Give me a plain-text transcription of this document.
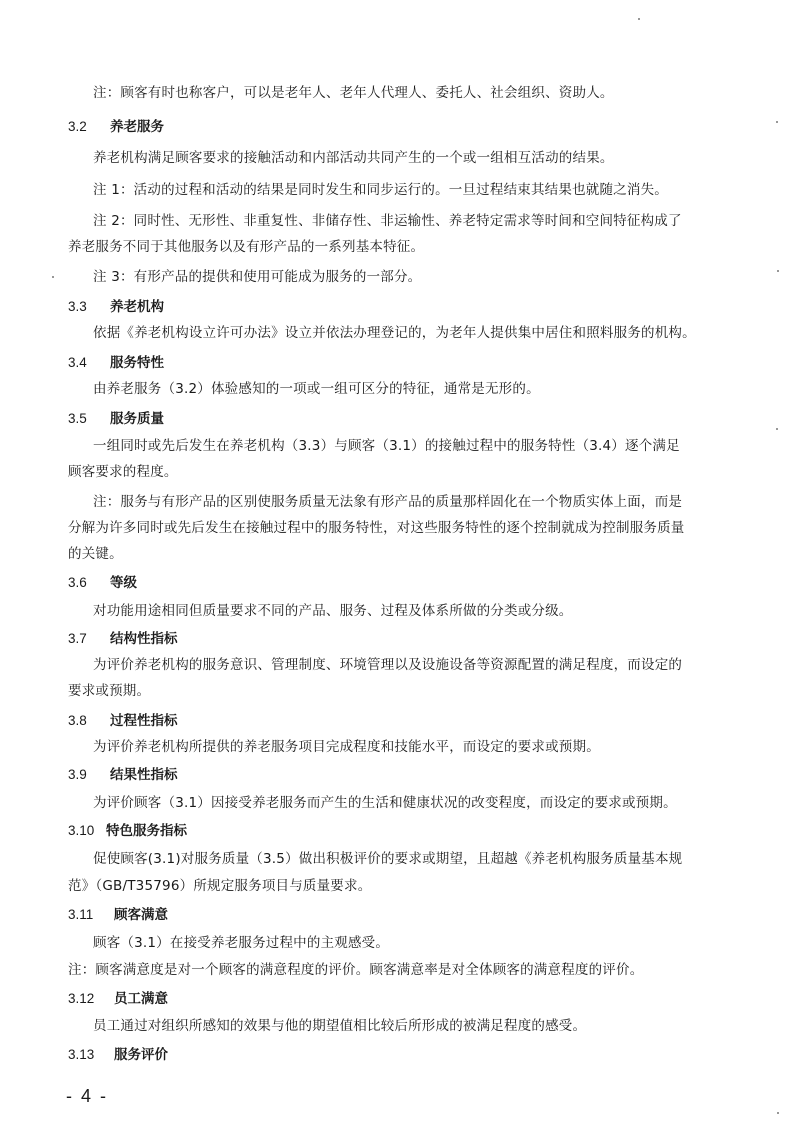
注：顾客有时也称客户，可以是老年人、老年人代理人、委托人、社会组织、资助人。
3.2 养老服务
养老机构满足顾客要求的接触活动和内部活动共同产生的一个或一组相互活动的结果。
注 1：活动的过程和活动的结果是同时发生和同步运行的。一旦过程结束其结果也就随之消失。
注 2：同时性、无形性、非重复性、非储存性、非运输性、养老特定需求等时间和空间特征构成了
养老服务不同于其他服务以及有形产品的一系列基本特征。
注 3：有形产品的提供和使用可能成为服务的一部分。
3.3 养老机构
依据《养老机构设立许可办法》设立并依法办理登记的，为老年人提供集中居住和照料服务的机构。
3.4 服务特性
由养老服务（3.2）体验感知的一项或一组可区分的特征，通常是无形的。
3.5 服务质量
一组同时或先后发生在养老机构（3.3）与顾客（3.1）的接触过程中的服务特性（3.4）逐个满足
顾客要求的程度。
注：服务与有形产品的区别使服务质量无法象有形产品的质量那样固化在一个物质实体上面，而是
分解为许多同时或先后发生在接触过程中的服务特性，对这些服务特性的逐个控制就成为控制服务质量
的关键。
3.6 等级
对功能用途相同但质量要求不同的产品、服务、过程及体系所做的分类或分级。
3.7 结构性指标
为评价养老机构的服务意识、管理制度、环境管理以及设施设备等资源配置的满足程度，而设定的
要求或预期。
3.8 过程性指标
为评价养老机构所提供的养老服务项目完成程度和技能水平，而设定的要求或预期。
3.9 结果性指标
为评价顾客（3.1）因接受养老服务而产生的生活和健康状况的改变程度，而设定的要求或预期。
3.10 特色服务指标
促使顾客(3.1)对服务质量（3.5）做出积极评价的要求或期望，且超越《养老机构服务质量基本规
范》（GB/T35796）所规定服务项目与质量要求。
3.11 顾客满意
顾客（3.1）在接受养老服务过程中的主观感受。
注：顾客满意度是对一个顾客的满意程度的评价。顾客满意率是对全体顾客的满意程度的评价。
3.12 员工满意
员工通过对组织所感知的效果与他的期望值相比较后所形成的被满足程度的感受。
3.13 服务评价
- 4 -
